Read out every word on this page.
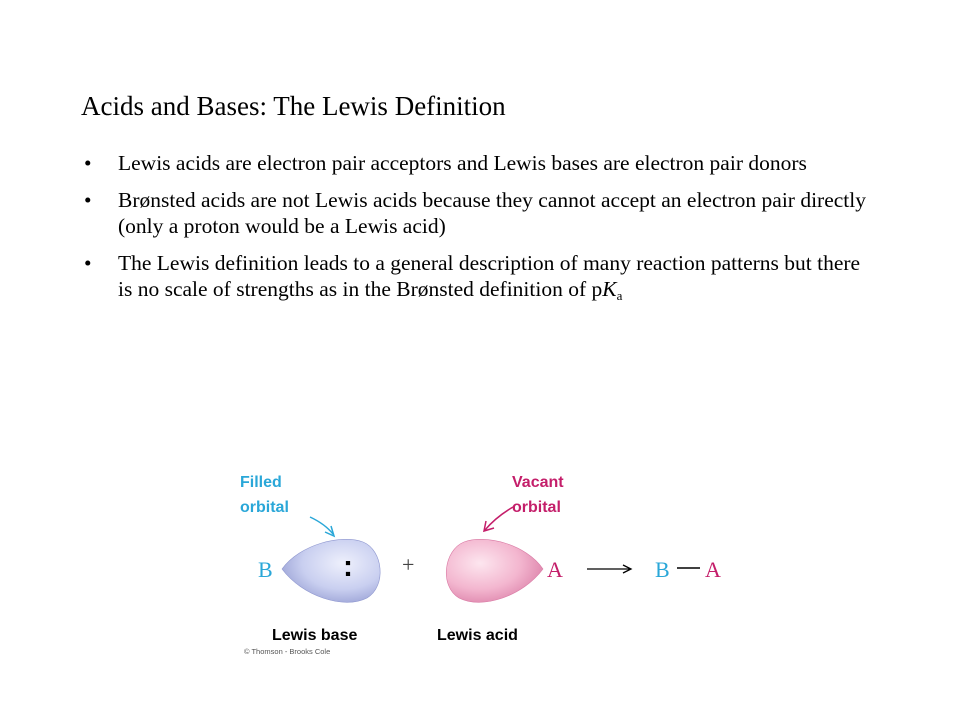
Acids and Bases: The Lewis Definition
• Lewis acids are electron pair acceptors and Lewis bases are electron pair donors
• Brønsted acids are not Lewis acids because they cannot accept an electron pair directly (only a proton would be a Lewis acid)
• The Lewis definition leads to a general description of many reaction patterns but there is no scale of strengths as in the Brønsted definition of $pK_a$
Filled
orbital
Vacant
orbital
:
B	+	A	B A
Lewis base	Lewis acid
© Thomson - Brooks Cole
